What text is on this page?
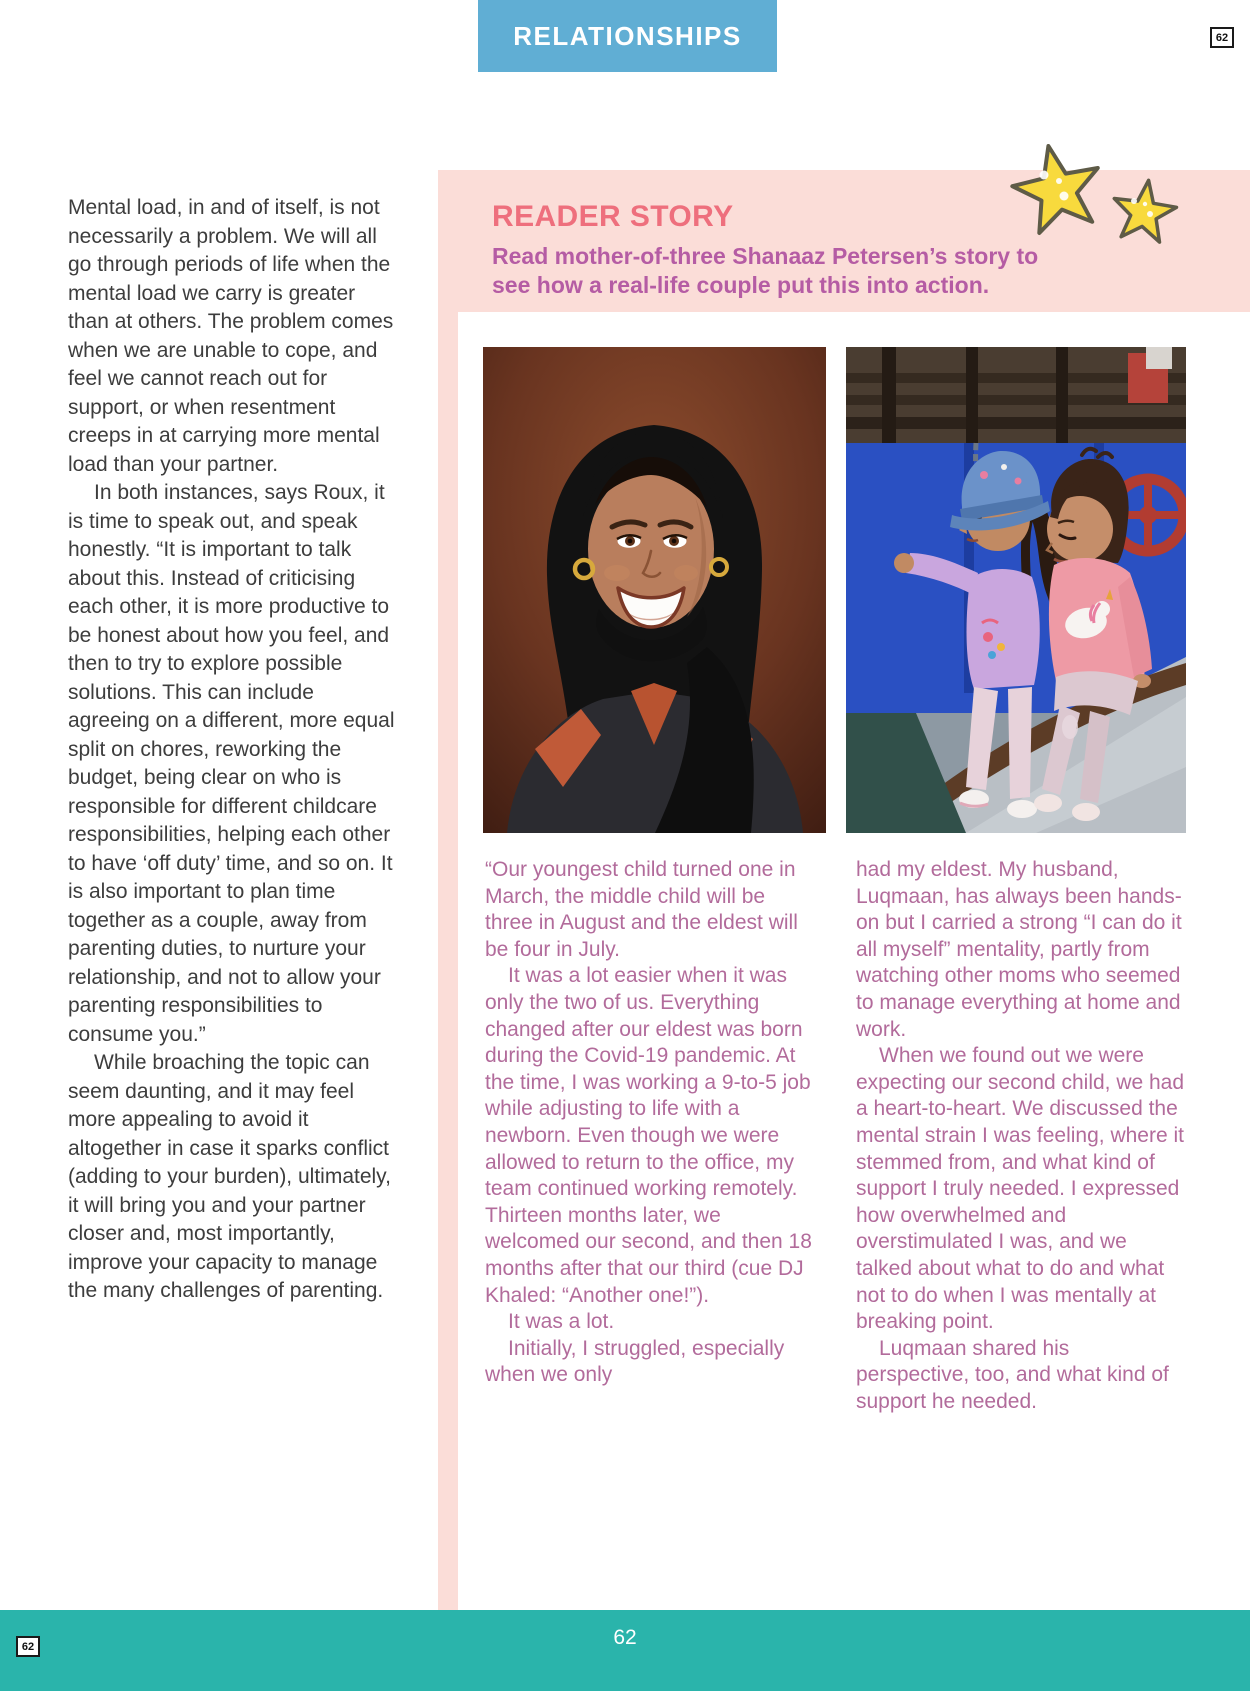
RELATIONSHIPS	62

Mental load, in and of itself, is not necessarily a problem. We will all go through periods of life when the mental load we carry is greater than at others. The problem comes when we are unable to cope, and feel we cannot reach out for support, or when resentment creeps in at carrying more mental load than your partner.

In both instances, says Roux, it is time to speak out, and speak honestly. “It is important to talk about this. Instead of criticising each other, it is more productive to be honest about how you feel, and then to try to explore possible solutions. This can include agreeing on a different, more equal split on chores, reworking the budget, being clear on who is responsible for different childcare responsibilities, helping each other to have ‘off duty’ time, and so on. It is also important to plan time together as a couple, away from parenting duties, to nurture your relationship, and not to allow your parenting responsibilities to consume you.”

While broaching the topic can seem daunting, and it may feel more appealing to avoid it altogether in case it sparks conflict (adding to your burden), ultimately, it will bring you and your partner closer and, most importantly, improve your capacity to manage the many challenges of parenting.

READER STORY

Read mother-of-three Shanaaz Petersen’s story to

see how a real-life couple put this into action.

“Our youngest child turned one in March, the middle child will be three in August and the eldest will be four in July.

It was a lot easier when it was only the two of us. Everything changed after our eldest was born during the Covid-19 pandemic. At the time, I was working a 9-to-5 job while adjusting to life with a newborn. Even though we were allowed to return to the office, my team continued working remotely. Thirteen months later, we welcomed our second, and then 18 months after that our third (cue DJ Khaled: “Another one!”).

It was a lot.

Initially, I struggled, especially when we only

had my eldest. My husband, Luqmaan, has always been hands-on but I carried a strong “I can do it all myself” mentality, partly from watching other moms who seemed to manage everything at home and work.

When we found out we were expecting our second child, we had a heart-to-heart. We discussed the mental strain I was feeling, where it stemmed from, and what kind of support I truly needed. I expressed how overwhelmed and overstimulated I was, and we talked about what to do and what not to do when I was mentally at breaking point.

Luqmaan shared his perspective, too, and what kind of support he needed.

62
62
